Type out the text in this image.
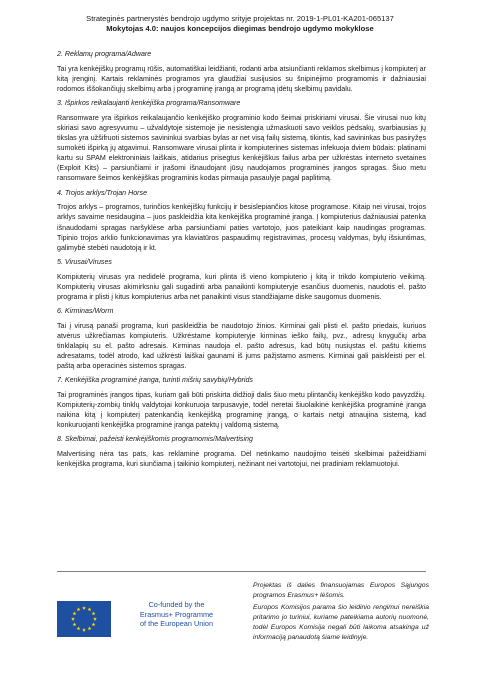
Strateginės partnerystės bendrojo ugdymo srityje projektas nr. 2019-1-PL01-KA201-065137
Mokytojas 4.0: naujos koncepcijos diegimas bendrojo ugdymo mokyklose
2. Reklamų programa/Adware

Tai yra kenkėjiškų programų rūšis, automatiškai leidžianti, rodanti arba atsiunčianti reklamos skelbimus į kompiuterį ar kitą įrenginį. Kartais reklaminės programos yra glaudžiai susijusios su šnipinėjimo programomis ir dažniausiai rodomos iššokančiųjų skelbimų arba į programinę įrangą ar programą įdėtų skelbimų pavidalu.

3. Išpirkos reikalaujanti kenkėjiška programa/Ransomware

Ransomware yra išpirkos reikalaujančio kenkėjiško programinio kodo šeimai priskiriami virusai. Šie virusai nuo kitų skiriasi savo agresyvumu – užvaldytoje sistemoje jie nesistengia užmaskuoti savo veiklos pėdsakų, svarbiausias jų tikslas yra užšifruoti sistemos savininkui svarbias bylas ar net visą failų sistemą, tikintis, kad savininkas bus pasiryžęs sumokėti išpirką jų atgavimui. Ransomware virusai plinta ir kompiuterines sistemas infekuoja dviem būdais: platinami kartu su SPAM elektroniniais laiškais, atidarius prisegtus kenkėjiškus failus arba per užkrėstas interneto svetaines (Exploit Kits) – parsiunčiami ir įrašomi išnaudojant jūsų naudojamos programinės įrangos spragas. Šiuo metu ransomware šeimos kenkėjiškas programinis kodas pirmauja pasaulyje pagal paplitimą.

4. Trojos arklys/Trojan Horse

Trojos arklys – programos, turinčios kenkėjiškų funkcijų ir besislepiančios kitose programose. Kitaip nei virusai, trojos arklys savaime nesidaugina – juos paskleidžia kita kenkėjiška programinė įranga. Į kompiuterius dažniausiai patenka išnaudodami spragas naršyklėse arba parsiunčiami paties vartotojo, juos pateikiant kaip naudingas programas. Tipinio trojos arkliо funkcionavimas yra klaviatūros paspaudimų registravimas, procesų valdymas, bylų išsiuntimas, galimybė stebėti naudotoją ir kt.

5. Virusai/Viruses

Kompiuterių virusas yra nedidelė programa, kuri plinta iš vieno kompiuterio į kitą ir trikdo kompiuterio veikimą. Kompiuterių virusas akimirksniu gali sugadinti arba panaikinti kompiuteryje esančius duomenis, naudotis el. pašto programa ir plisti į kitus kompiuterius arba net panaikinti visus standžiajame diske saugomus duomenis.

6. Kirminas/Worm

Tai į virusą panaši programa, kuri paskleidžia be naudotojo žinios. Kirminai gali plisti el. pašto priedais, kuriuos atvėrus užkrečiamas kompiuteris. Užkrėstame kompiuteryje kirminas ieško failų, pvz., adresų knygučių arba tinklalapių su el. pašto adresais. Kirminas naudoja el. pašto adresus, kad būtų nusiųstas el. paštu kitiems adresatams, todėl atrodo, kad užkrėsti laiškai gaunami iš jums pažįstamo asmens. Kirminai gali paisklеisti per el. paštą arba operacinės sistemos spragas.

7. Kenkėjiška programinė įranga, turinti mišrių savybių/Hybrids

Tai programinės įrangos tipas, kuriam gali būti priskirta didžioji dalis šiuo metu plintančių kenkėjiško kodo pavyzdžių. Kompiuterių-zombių tinklų valdytojai konkuruoja tarpusavyje, todėl neretai šiuolaikinė kenkėjiška programinė įranga naikina kitą į kompiuterį patenkančią kenkėjišką programinę įrangą, o kartais netgi atnaujina sistemą, kad konkuruojanti kenkėjiška programinė įranga patektų į valdomą sistemą.

8. Skelbimai, pažeisti kenkėjiškomis programomis/Malvertising

Malvertising nėra tas pats, kas reklaminė programa. Dėl netinkamo naudojimo teisėti skelbimai pažeidžiami kenkėjiška programa, kuri siunčiama į taikinio kompiuterį, nežinant nei vartotojui, nei pradiniam reklamuotojui.

Co-funded by the
Erasmus+ Programme
of the European Union

Projektas iš dalies finansuojamas Europos Sąjungos programos Erasmus+ lėšomis.

Europos Komisijos parama šio leidinio rengimui nereiškia pritarimo jo turiniui, kuriame pateikiama autorių nuomonė, todėl Europos Komisija negali būti laikoma atsakinga už informaciją panaudotą šiame leidinyje.
